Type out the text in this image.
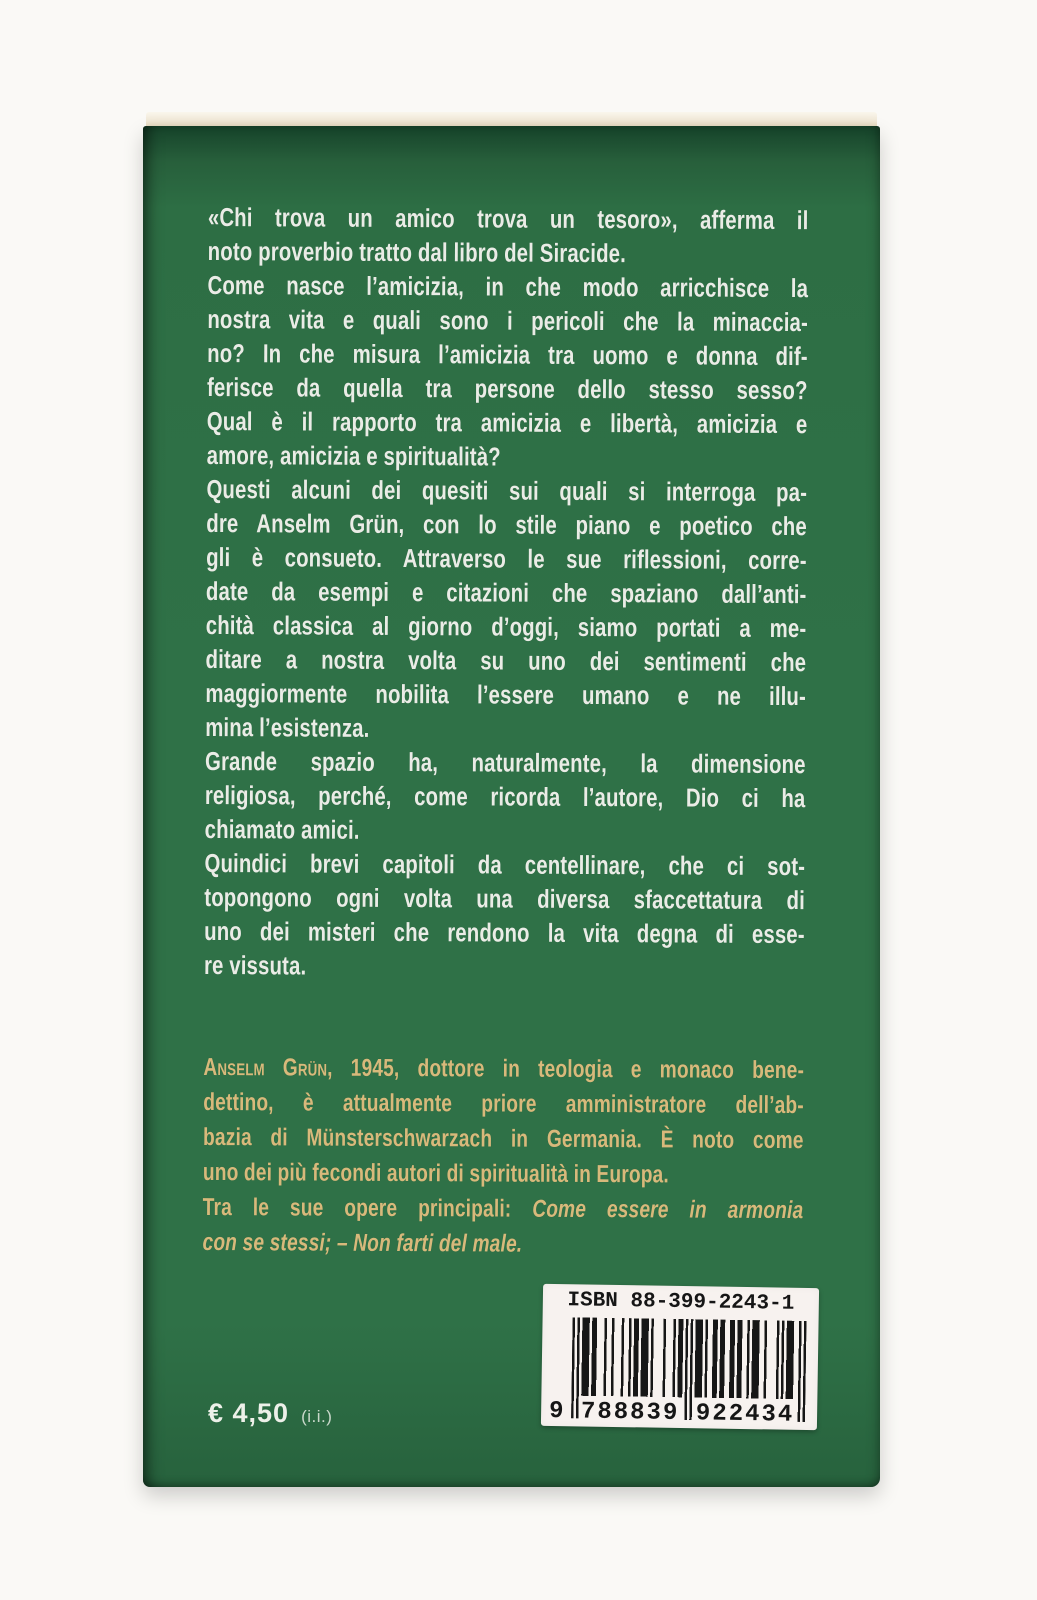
«Chi trova un amico trova un tesoro», afferma il
noto proverbio tratto dal libro del Siracide.
Come nasce l’amicizia, in che modo arricchisce la
nostra vita e quali sono i pericoli che la minaccia-
no? In che misura l’amicizia tra uomo e donna dif-
ferisce da quella tra persone dello stesso sesso?
Qual è il rapporto tra amicizia e libertà, amicizia e
amore, amicizia e spiritualità?
Questi alcuni dei quesiti sui quali si interroga pa-
dre Anselm Grün, con lo stile piano e poetico che
gli è consueto. Attraverso le sue riflessioni, corre-
date da esempi e citazioni che spaziano dall’anti-
chità classica al giorno d’oggi, siamo portati a me-
ditare a nostra volta su uno dei sentimenti che
maggiormente nobilita l’essere umano e ne illu-
mina l’esistenza.
Grande spazio ha, naturalmente, la dimensione
religiosa, perché, come ricorda l’autore, Dio ci ha
chiamato amici.
Quindici brevi capitoli da centellinare, che ci sot-
topongono ogni volta una diversa sfaccettatura di
uno dei misteri che rendono la vita degna di esse-
re vissuta.
Anselm Grün, 1945, dottore in teologia e monaco bene-
dettino, è attualmente priore amministratore dell’ab-
bazia di Münsterschwarzach in Germania. È noto come
uno dei più fecondi autori di spiritualità in Europa.
Tra le sue opere principali: Come essere in armonia
con se stessi; – Non farti del male.
€ 4,50 (i.i.)
ISBN 88-399-2243-1
9 788839 922434
